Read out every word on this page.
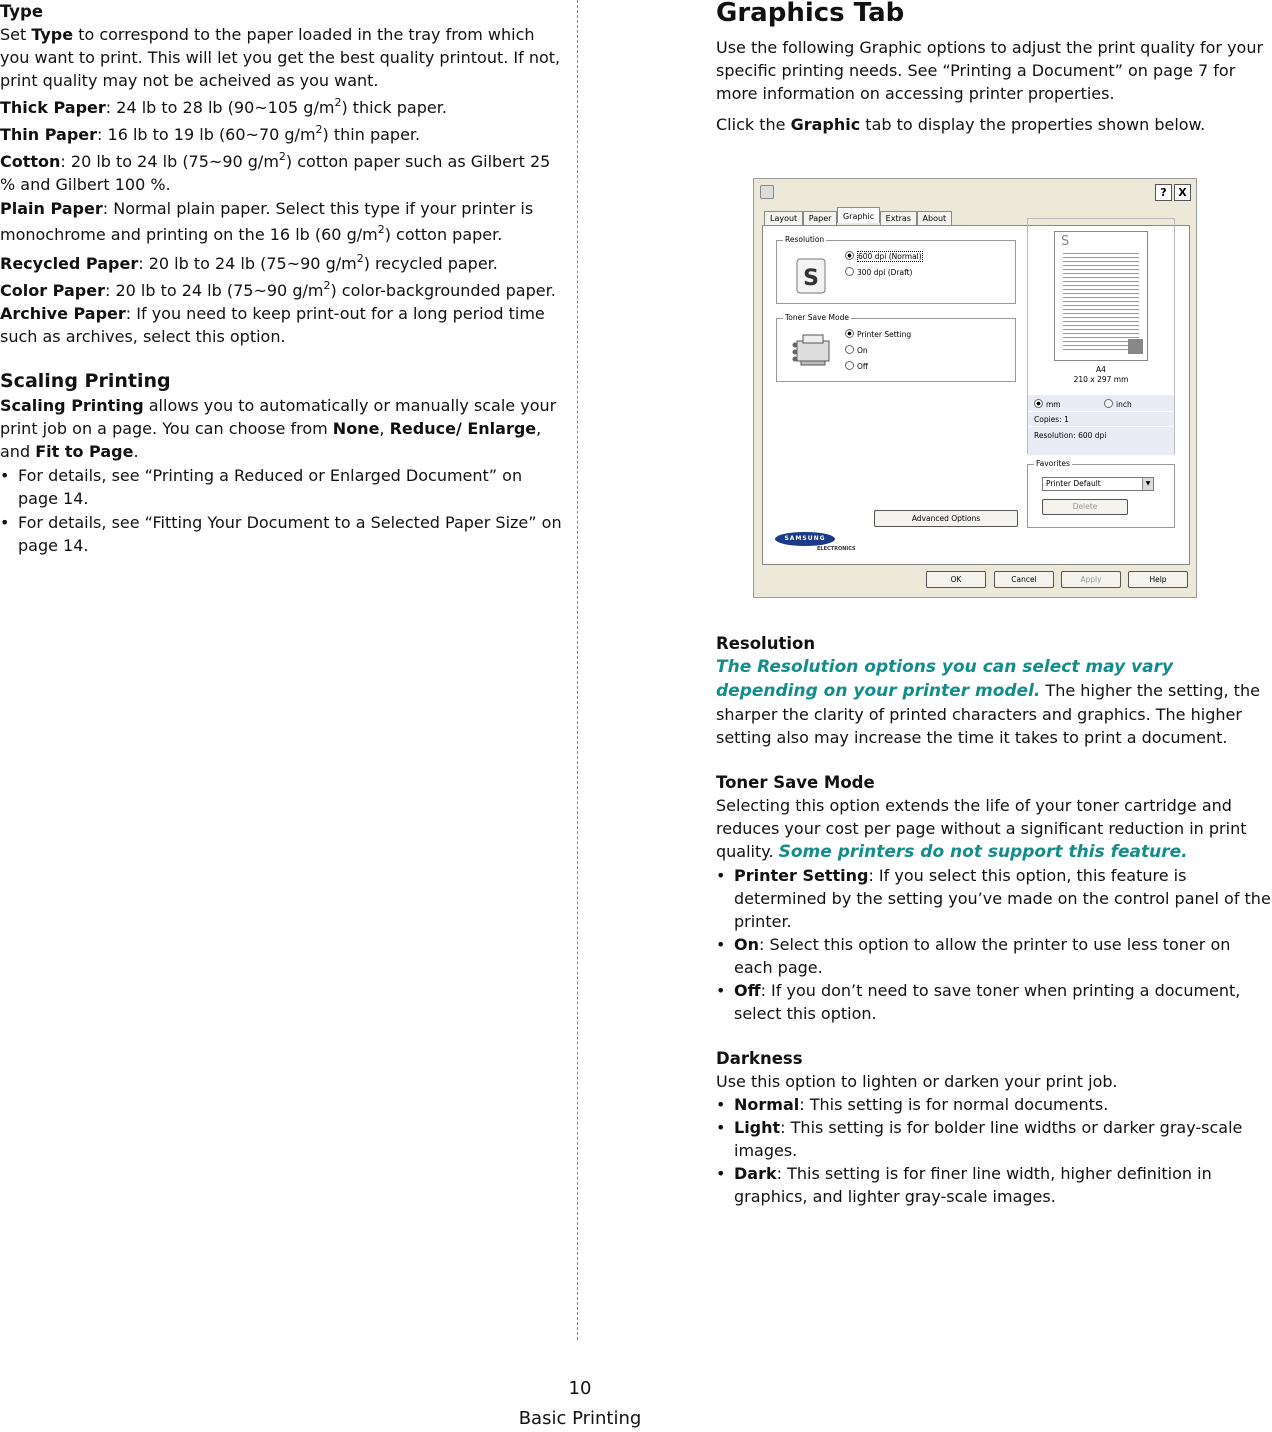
Type

Set Type to correspond to the paper loaded in the tray from which you want to print. This will let you get the best quality printout. If not, print quality may not be acheived as you want.

Thick Paper: 24 lb to 28 lb (90~105 $g/m^2$) thick paper.

Thin Paper: 16 lb to 19 lb (60~70 $g/m^2$) thin paper.

Cotton: 20 lb to 24 lb (75~90 $g/m^2$) cotton paper such as Gilbert 25 % and Gilbert 100 %.

Plain Paper: Normal plain paper. Select this type if your printer is monochrome and printing on the 16 lb (60 $g/m^2$) cotton paper.

Recycled Paper: 20 lb to 24 lb (75~90 $g/m^2$) recycled paper.

Color Paper: 20 lb to 24 lb (75~90 $g/m^2$) color-backgrounded paper.

Archive Paper: If you need to keep print-out for a long period time such as archives, select this option.

Scaling Printing

Scaling Printing allows you to automatically or manually scale your print job on a page. You can choose from None, Reduce/ Enlarge, and Fit to Page.

• For details, see “Printing a Reduced or Enlarged Document” on page 14.

• For details, see “Fitting Your Document to a Selected Paper Size” on page 14.

Graphics Tab

Use the following Graphic options to adjust the print quality for your specific printing needs. See “Printing a Document” on page 7 for more information on accessing printer properties.

Click the Graphic tab to display the properties shown below.

Resolution

The Resolution options you can select may vary depending on your printer model. The higher the setting, the sharper the clarity of printed characters and graphics. The higher setting also may increase the time it takes to print a document.

Toner Save Mode

Selecting this option extends the life of your toner cartridge and reduces your cost per page without a significant reduction in print quality. Some printers do not support this feature.

• Printer Setting: If you select this option, this feature is determined by the setting you’ve made on the control panel of the printer.

• On: Select this option to allow the printer to use less toner on each page.

• Off: If you don’t need to save toner when printing a document, select this option.

Darkness

Use this option to lighten or darken your print job.

• Normal: This setting is for normal documents.

• Light: This setting is for bolder line widths or darker gray-scale images.

• Dark: This setting is for finer line width, higher definition in graphics, and lighter gray-scale images.

?	X
Layout Paper Graphic Extras About
Resolution
S
600 dpi (Normal)
300 dpi (Draft)
Toner Save Mode
Printer Setting
On
Off
S
A4
210 x 297 mm
mm	inch
Copies: 1
Resolution: 600 dpi
Favorites
Printer Default	▼
Delete
Advanced Options
SAMSUNG
ELECTRONICS
OK	Cancel	Apply	Help
10
Basic Printing
